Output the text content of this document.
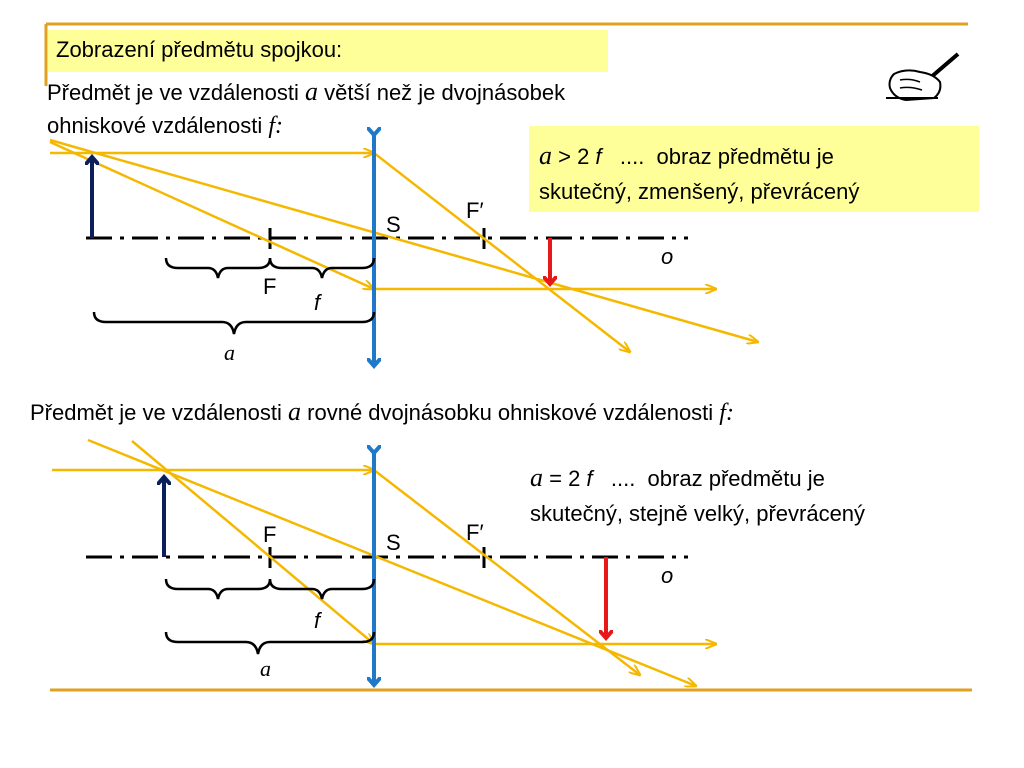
Zobrazení předmětu spojkou:
Předmět je ve vzdálenosti a větší než je dvojnásobek
ohniskové vzdálenosti f:
a > 2 f   ....  obraz předmětu je
skutečný, zmenšený, převrácený
S
F′
F
f
o
a
Předmět je ve vzdálenosti a rovné dvojnásobku ohniskové vzdálenosti f:
a = 2 f   ....  obraz předmětu je
skutečný, stejně velký, převrácený
F	S	F′
o
f
a
